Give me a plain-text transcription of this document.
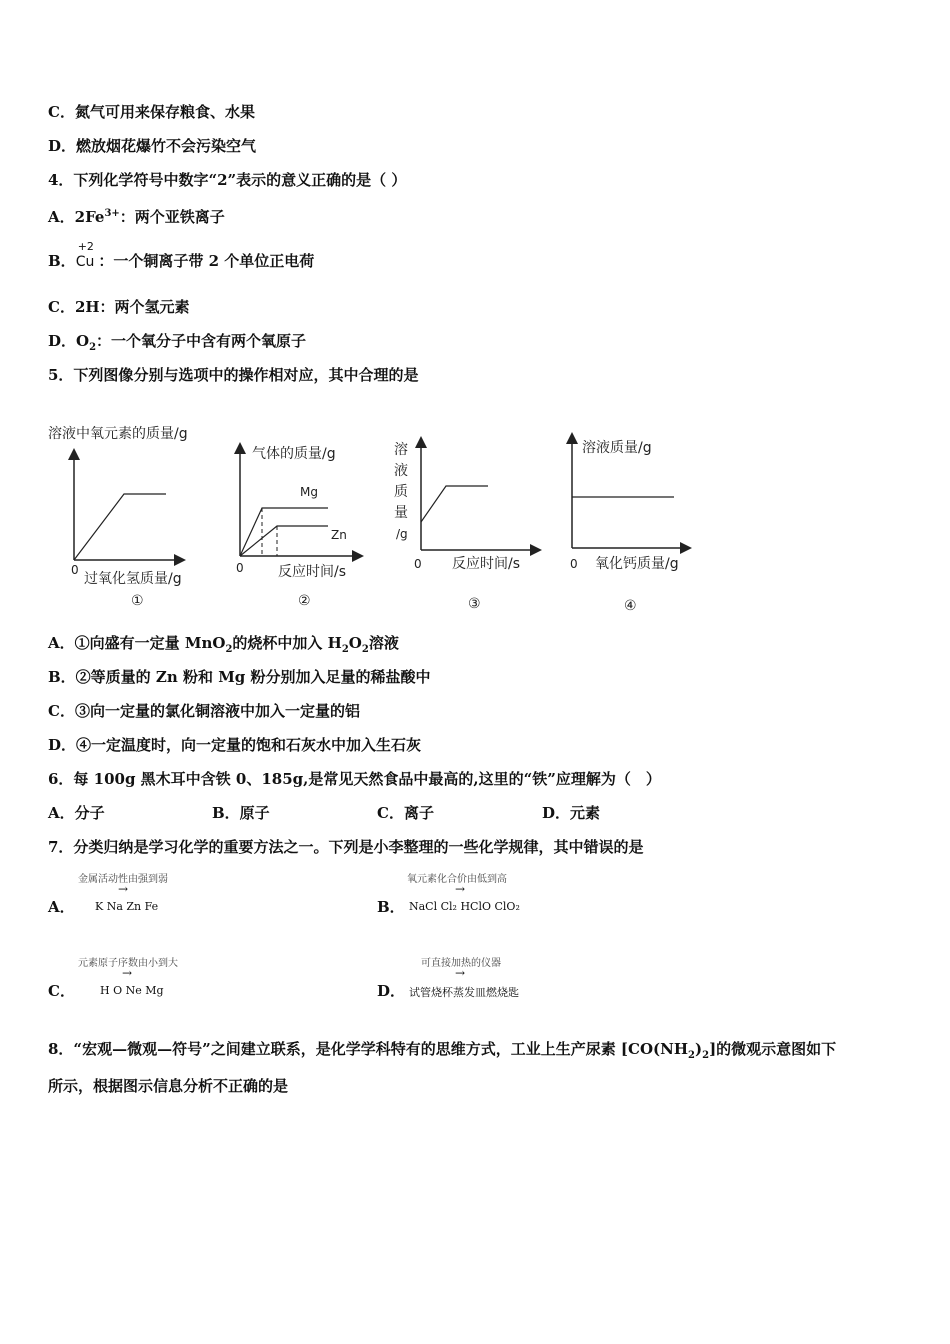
C．氮气可用来保存粮食、水果
D．燃放烟花爆竹不会污染空气
4．下列化学符号中数字“2”表示的意义正确的是（ ）
A．$2Fe^{3+}$：两个亚铁离子
B．
+2
Cu ：一个铜离子带 2 个单位正电荷
C．2H：两个氢元素
D．$O_2$：一个氧分子中含有两个氧原子
5．下列图像分别与选项中的操作相对应，其中合理的是
溶液中氧元素的质量/g
0
过氧化氢质量/g
①
气体的质量/g
Mg
Zn
0 反应时间/s
②
溶
液
质
量
/g
0 反应时间/s
③
溶液质量/g
0 氧化钙质量/g
④
A．①向盛有一定量 MnO$_2$的烧杯中加入 $H_2O_2$溶液
B．②等质量的 Zn 粉和 Mg 粉分别加入足量的稀盐酸中
C．③向一定量的氯化铜溶液中加入一定量的铝
D．④一定温度时，向一定量的饱和石灰水中加入生石灰
6．每 100g 黑木耳中含铁 0、185g,是常见天然食品中最高的,这里的“铁”应理解为（　）
A．分子	B．原子	C．离子	D．元素
7．分类归纳是学习化学的重要方法之一。下列是小李整理的一些化学规律，其中错误的是
A．
金属活动性由强到弱
→
K Na Zn Fe	B．
氧元素化合价由低到高
→
NaCl Cl₂ HClO ClO₂
C．
元素原子序数由小到大
→
H O Ne Mg	D．
可直接加热的仪器
→
试管烧杯蒸发皿燃烧匙
8．“宏观—微观—符号”之间建立联系，是化学学科特有的思维方式，工业上生产尿素 $[CO(NH_2)_2]$的微观示意图如下
所示，根据图示信息分析不正确的是
